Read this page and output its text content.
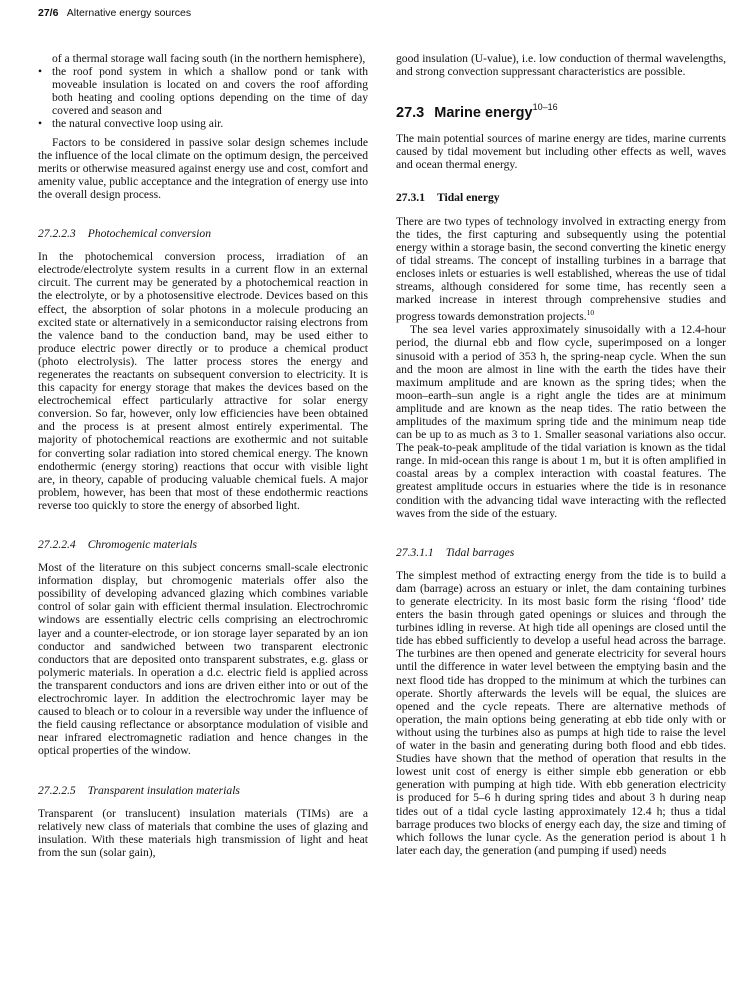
27/6 Alternative energy sources

of a thermal storage wall facing south (in the northern hemisphere),

• the roof pond system in which a shallow pond or tank with moveable insulation is located on and covers the roof affording both heating and cooling options depending on the time of day covered and season and
• the natural convective loop using air.

Factors to be considered in passive solar design schemes include the influence of the local climate on the optimum design, the perceived merits or otherwise measured against energy use and cost, comfort and amenity value, public acceptance and the integration of energy use into the overall design process.

27.2.2.3 Photochemical conversion

In the photochemical conversion process, irradiation of an electrode/electrolyte system results in a current flow in an external circuit. The current may be generated by a photochemical reaction in the electrolyte, or by a photosensitive electrode. Devices based on this effect, the absorption of solar photons in a molecule producing an excited state or alternatively in a semiconductor raising electrons from the valence band to the conduction band, may be used either to produce electric power directly or to produce a chemical product (photo electrolysis). The latter process stores the energy and regenerates the reactants on subsequent conversion to electricity. It is this capacity for energy storage that makes the devices based on the electrochemical effect particularly attractive for solar energy conversion. So far, however, only low efficiencies have been obtained and the process is at present almost entirely experimental. The majority of photochemical reactions are exothermic and not suitable for converting solar radiation into stored chemical energy. The known endothermic (energy storing) reactions that occur with visible light are, in theory, capable of producing valuable chemical fuels. A major problem, however, has been that most of these endothermic reactions reverse too quickly to store the energy of absorbed light.

27.2.2.4 Chromogenic materials

Most of the literature on this subject concerns small-scale electronic information display, but chromogenic materials offer also the possibility of developing advanced glazing which combines variable control of solar gain with efficient thermal insulation. Electrochromic windows are essentially electric cells comprising an electrochromic layer and a counter-electrode, or ion storage layer separated by an ion conductor and sandwiched between two transparent electronic conductors that are deposited onto transparent substrates, e.g. glass or polymeric materials. In operation a d.c. electric field is applied across the transparent conductors and ions are driven either into or out of the electrochromic layer. In addition the electrochromic layer may be caused to bleach or to colour in a reversible way under the influence of the field causing reflectance or absorptance modulation of visible and near infrared electromagnetic radiation and hence changes in the optical properties of the window.

27.2.2.5 Transparent insulation materials

Transparent (or translucent) insulation materials (TIMs) are a relatively new class of materials that combine the uses of glazing and insulation. With these materials high transmission of light and heat from the sun (solar gain),

good insulation (U-value), i.e. low conduction of thermal wavelengths, and strong convection suppressant characteristics are possible.

27.3 Marine energy$^{10-16}$

The main potential sources of marine energy are tides, marine currents caused by tidal movement but including other effects as well, waves and ocean thermal energy.

27.3.1 Tidal energy

There are two types of technology involved in extracting energy from the tides, the first capturing and subsequently using the potential energy within a storage basin, the second converting the kinetic energy of tidal streams. The concept of installing turbines in a barrage that encloses inlets or estuaries is well established, whereas the use of tidal streams, although considered for some time, has recently seen a marked increase in interest through comprehensive studies and progress towards demonstration projects.$^{10}$

The sea level varies approximately sinusoidally with a 12.4-hour period, the diurnal ebb and flow cycle, superimposed on a longer sinusoid with a period of 353 h, the spring-neap cycle. When the sun and the moon are almost in line with the earth the tides have their maximum amplitude and are known as the spring tides; when the moon–earth–sun angle is a right angle the tides are at minimum amplitude and are known as the neap tides. The ratio between the amplitudes of the maximum spring tide and the minimum neap tide can be up to as much as 3 to 1. Smaller seasonal variations also occur. The peak-to-peak amplitude of the tidal variation is known as the tidal range. In mid-ocean this range is about 1 m, but it is often amplified in coastal areas by a complex interaction with coastal features. The greatest amplitude occurs in estuaries where the tide is in resonance condition with the advancing tidal wave interacting with the reflected waves from the side of the estuary.

27.3.1.1 Tidal barrages

The simplest method of extracting energy from the tide is to build a dam (barrage) across an estuary or inlet, the dam containing turbines to generate electricity. In its most basic form the rising ‘flood’ tide enters the basin through gated openings or sluices and through the turbines idling in reverse. At high tide all openings are closed until the tide has ebbed sufficiently to develop a useful head across the barrage. The turbines are then opened and generate electricity for several hours until the difference in water level between the emptying basin and the next flood tide has dropped to the minimum at which the turbines can operate. Shortly afterwards the levels will be equal, the sluices are opened and the cycle repeats. There are alternative methods of operation, the main options being generating at ebb tide only with or without using the turbines also as pumps at high tide to raise the level of water in the basin and generating during both flood and ebb tides. Studies have shown that the method of operation that results in the lowest unit cost of energy is either simple ebb generation or ebb generation with pumping at high tide. With ebb generation electricity is produced for 5–6 h during spring tides and about 3 h during neap tides out of a tidal cycle lasting approximately 12.4 h; thus a tidal barrage produces two blocks of energy each day, the size and timing of which follows the lunar cycle. As the generation period is about 1 h later each day, the generation (and pumping if used) needs
